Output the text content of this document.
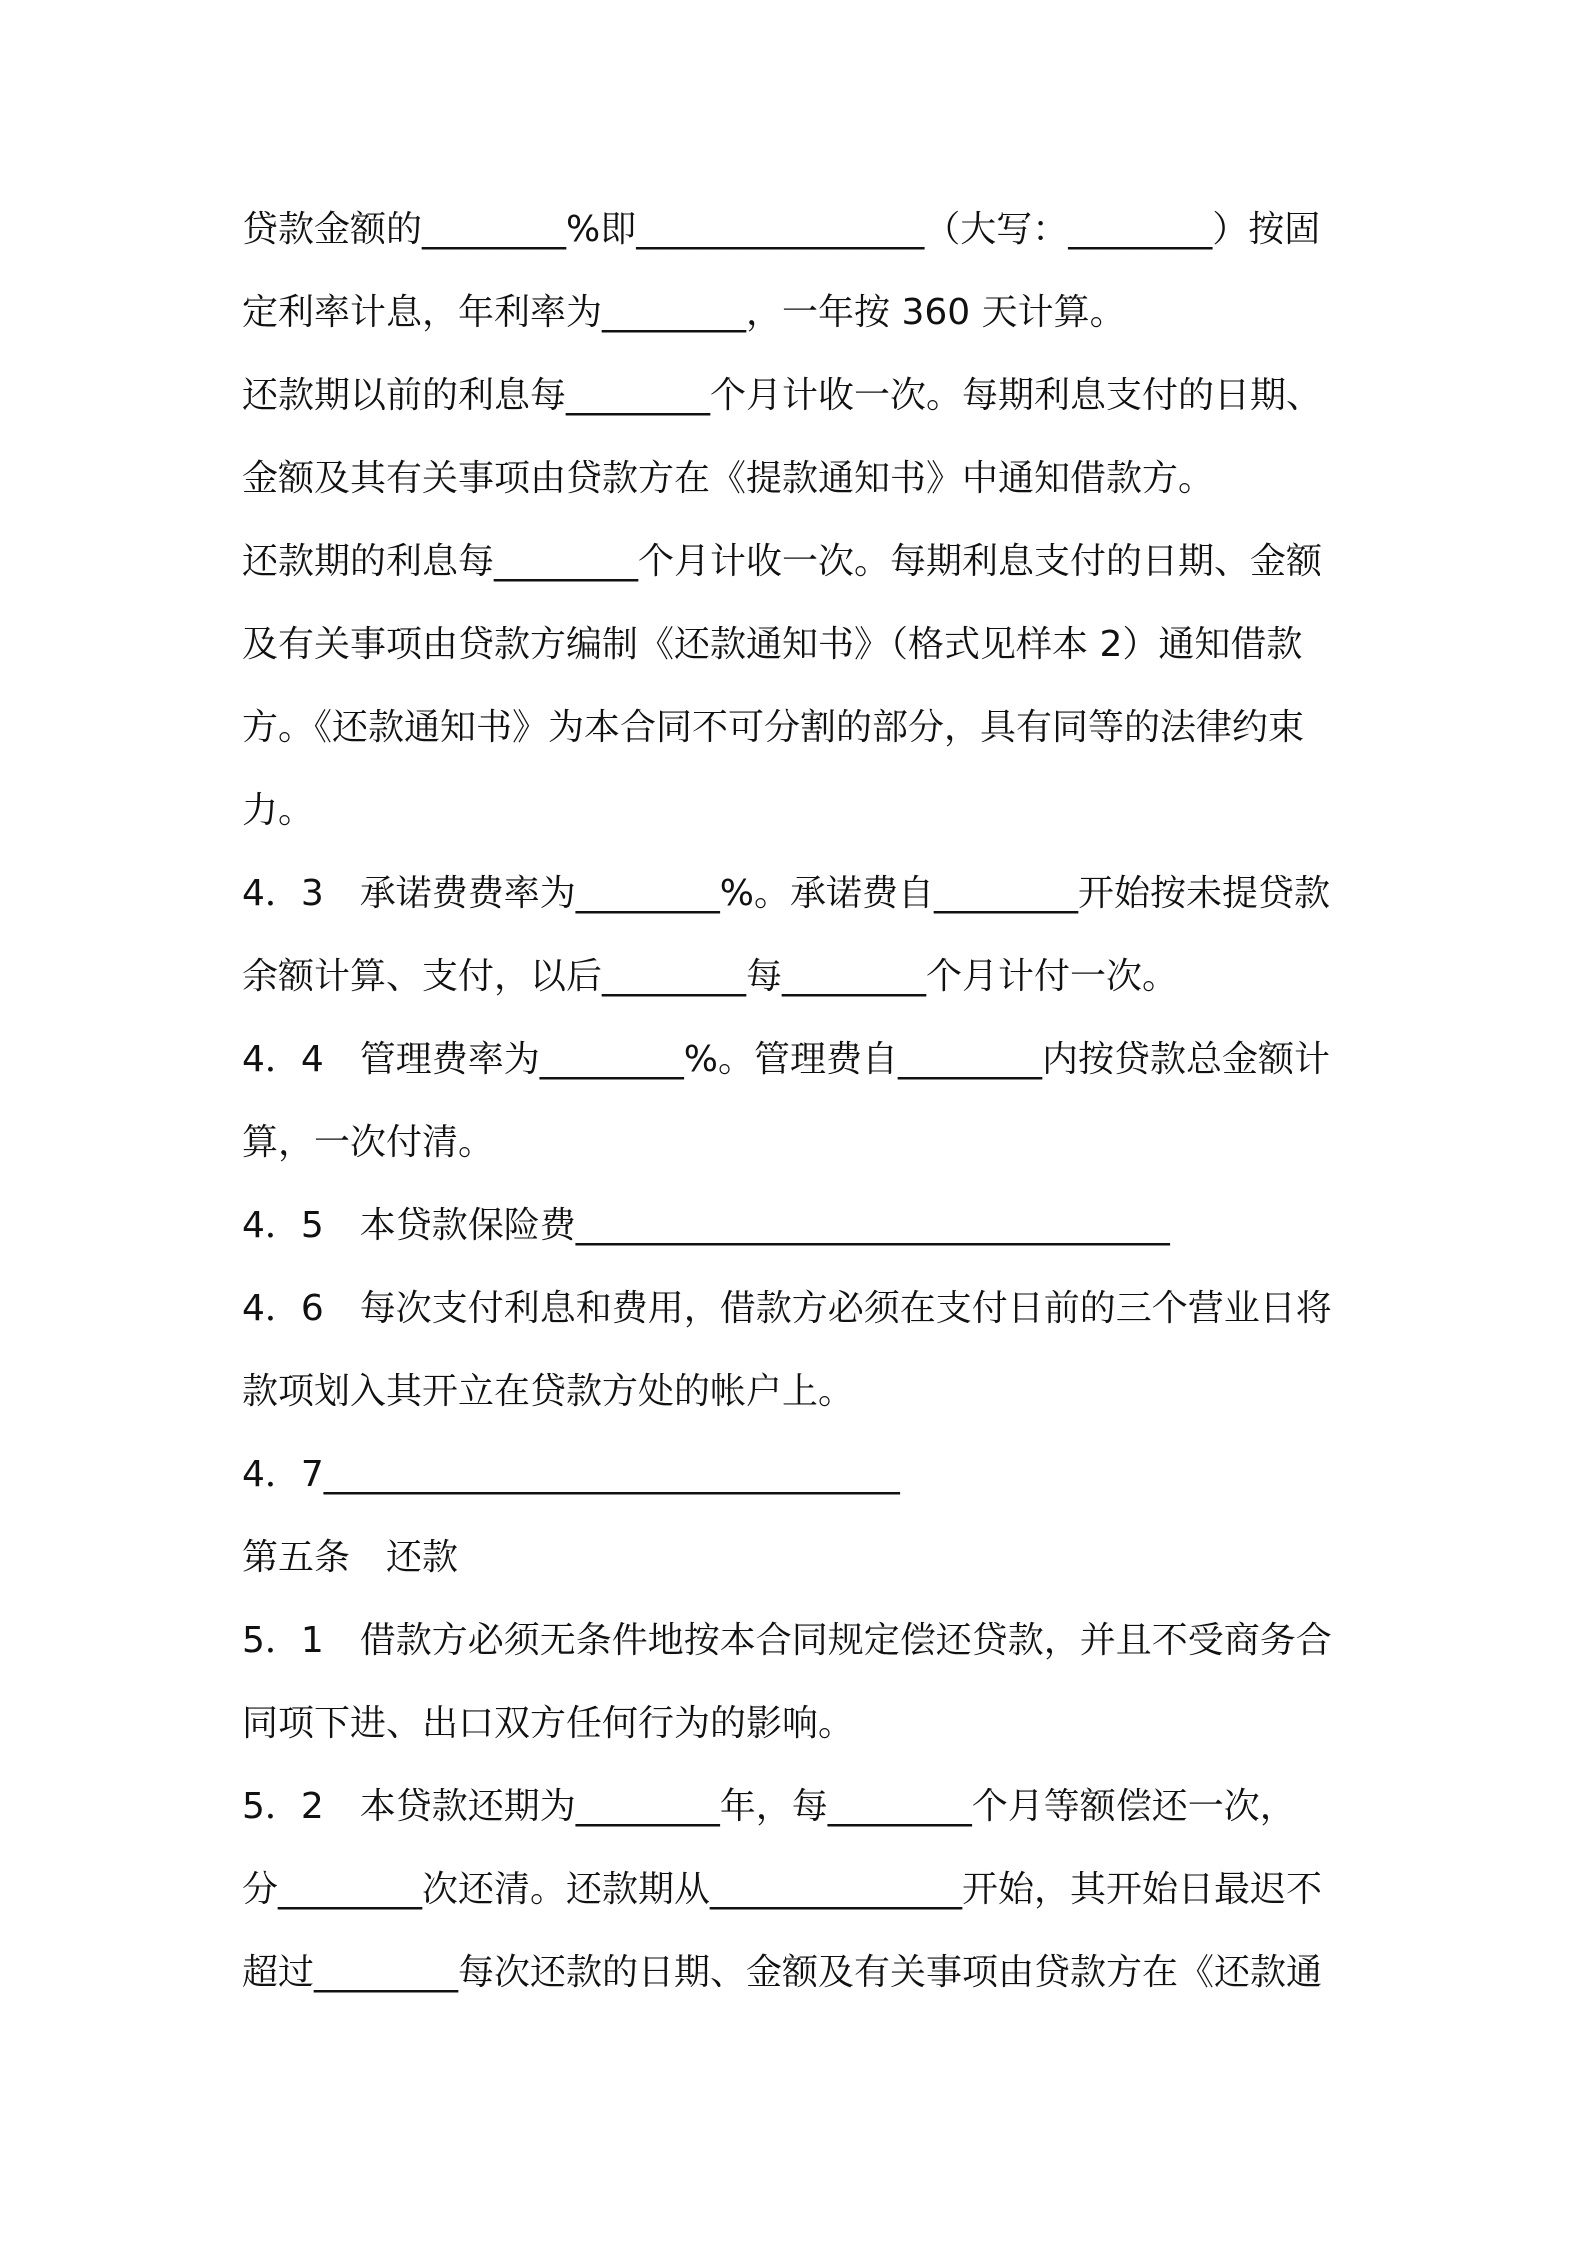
贷款金额的________%即________________（大写：________）按固
定利率计息，年利率为________，一年按 360 天计算。
还款期以前的利息每________个月计收一次。每期利息支付的日期、
金额及其有关事项由贷款方在《提款通知书》中通知借款方。
还款期的利息每________个月计收一次。每期利息支付的日期、金额
及有关事项由贷款方编制《还款通知书》（格式见样本 2）通知借款
方。《还款通知书》为本合同不可分割的部分，具有同等的法律约束
力。
4．3　承诺费费率为________%。承诺费自________开始按未提贷款
余额计算、支付，以后________每________个月计付一次。
4．4　管理费率为________%。管理费自________内按贷款总金额计
算，一次付清。
4．5　本贷款保险费_________________________________
4．6　每次支付利息和费用，借款方必须在支付日前的三个营业日将
款项划入其开立在贷款方处的帐户上。
4．7________________________________
第五条　还款
5．1　借款方必须无条件地按本合同规定偿还贷款，并且不受商务合
同项下进、出口双方任何行为的影响。
5．2　本贷款还期为________年，每________个月等额偿还一次，
分________次还清。还款期从______________开始，其开始日最迟不
超过________每次还款的日期、金额及有关事项由贷款方在《还款通
